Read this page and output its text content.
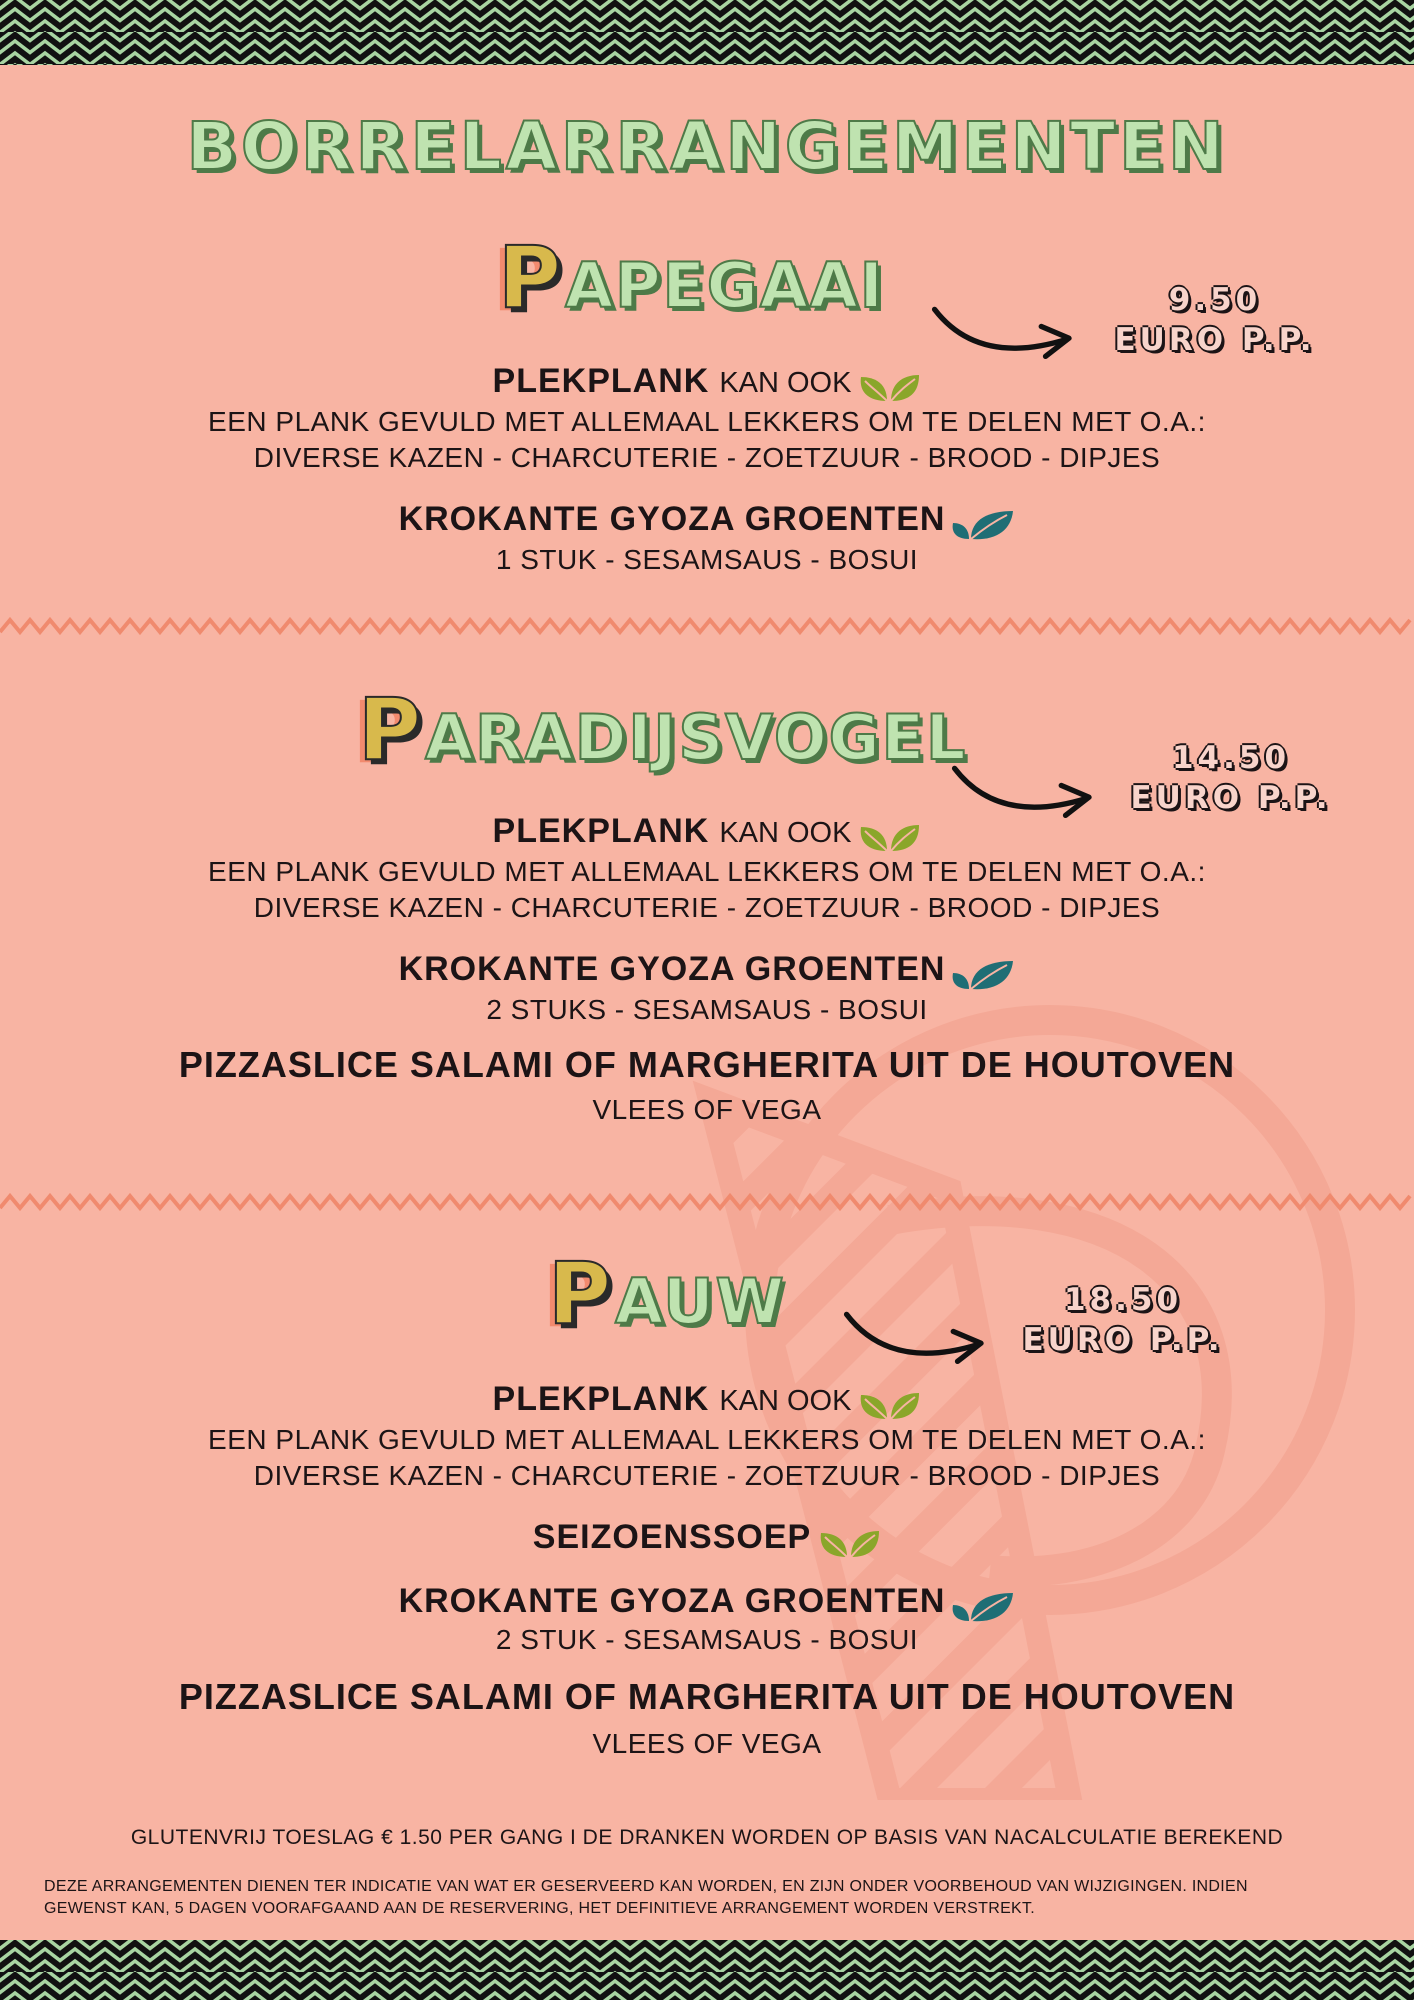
BORRELARRANGEMENTEN
PAPEGAAI	9.50
EURO P.P.
PLEKPLANK KAN OOK
EEN PLANK GEVULD MET ALLEMAAL LEKKERS OM TE DELEN MET O.A.:
DIVERSE KAZEN - CHARCUTERIE - ZOETZUUR - BROOD - DIPJES
KROKANTE GYOZA GROENTEN
1 STUK - SESAMSAUS - BOSUI
PARADIJSVOGEL	14.50
EURO P.P.
PLEKPLANK KAN OOK
EEN PLANK GEVULD MET ALLEMAAL LEKKERS OM TE DELEN MET O.A.:
DIVERSE KAZEN - CHARCUTERIE - ZOETZUUR - BROOD - DIPJES
KROKANTE GYOZA GROENTEN
2 STUKS - SESAMSAUS - BOSUI
PIZZASLICE SALAMI OF MARGHERITA UIT DE HOUTOVEN
VLEES OF VEGA
PAUW	18.50
EURO P.P.
PLEKPLANK KAN OOK
EEN PLANK GEVULD MET ALLEMAAL LEKKERS OM TE DELEN MET O.A.:
DIVERSE KAZEN - CHARCUTERIE - ZOETZUUR - BROOD - DIPJES
SEIZOENSSOEP
KROKANTE GYOZA GROENTEN
2 STUK - SESAMSAUS - BOSUI
PIZZASLICE SALAMI OF MARGHERITA UIT DE HOUTOVEN
VLEES OF VEGA
GLUTENVRIJ TOESLAG € 1.50 PER GANG I DE DRANKEN WORDEN OP BASIS VAN NACALCULATIE BEREKEND
DEZE ARRANGEMENTEN DIENEN TER INDICATIE VAN WAT ER GESERVEERD KAN WORDEN, EN ZIJN ONDER VOORBEHOUD VAN WIJZIGINGEN. INDIEN
GEWENST KAN, 5 DAGEN VOORAFGAAND AAN DE RESERVERING, HET DEFINITIEVE ARRANGEMENT WORDEN VERSTREKT.
